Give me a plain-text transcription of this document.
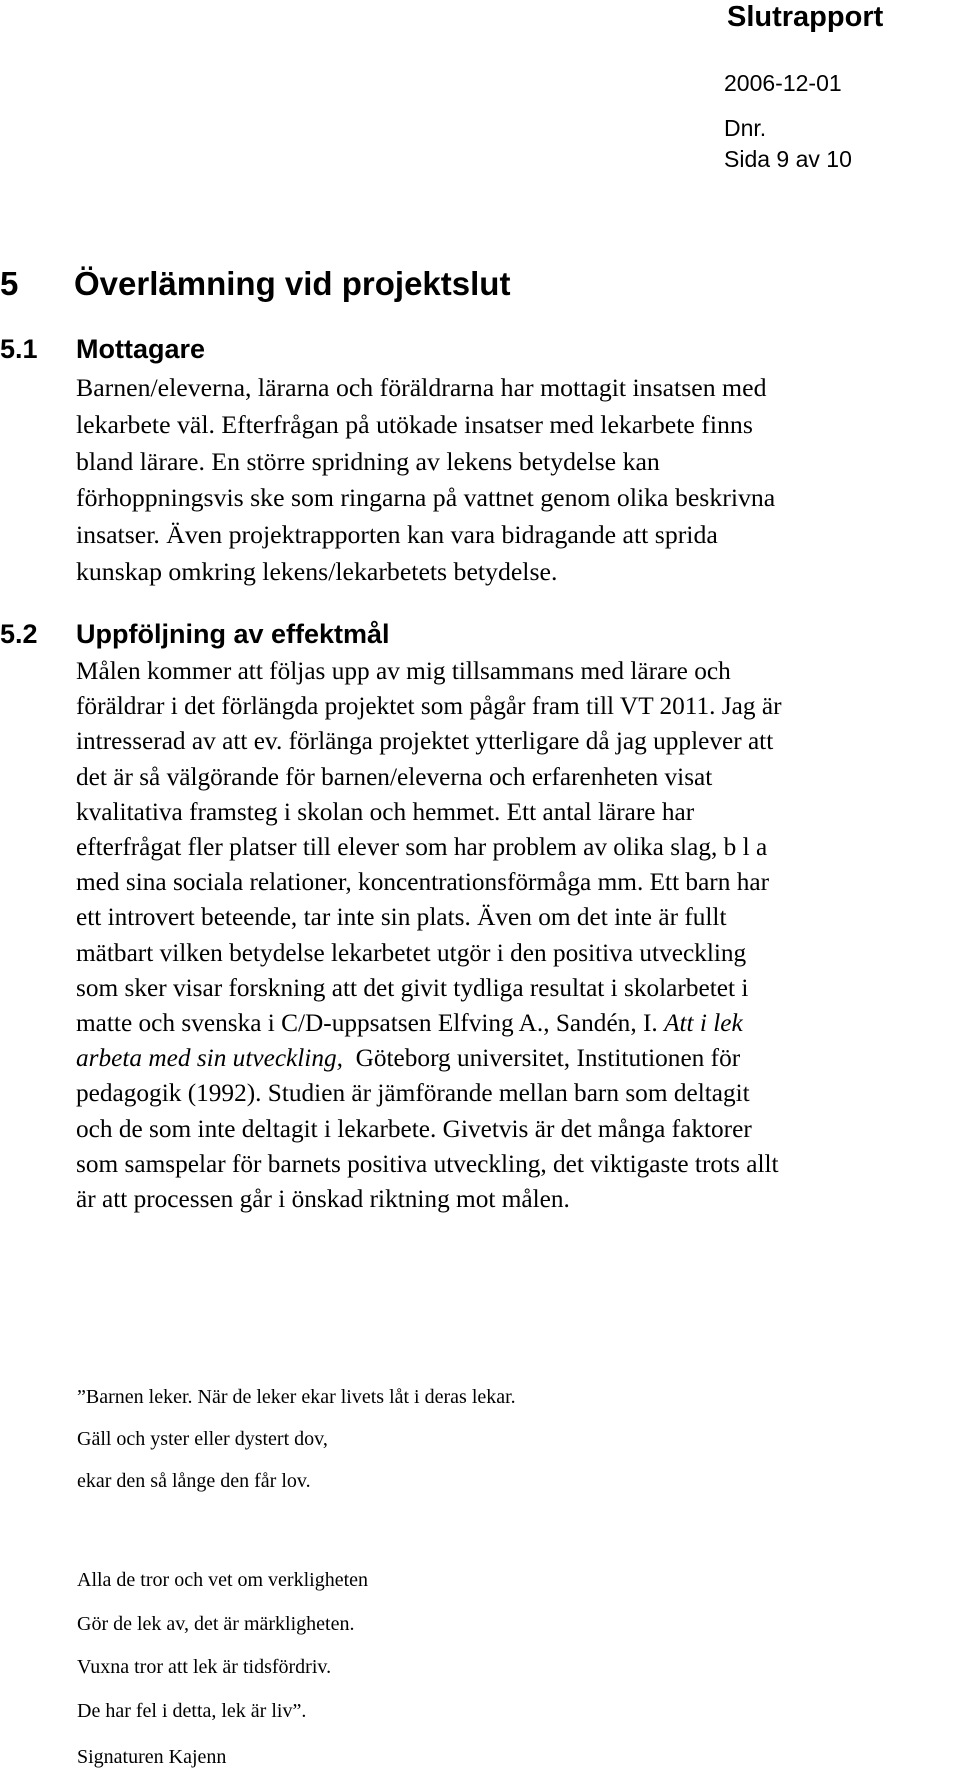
Slutrapport
2006-12-01
Dnr.
Sida 9 av 10
5 Överlämning vid projektslut
5.1 Mottagare
Barnen/eleverna, lärarna och föräldrarna har mottagit insatsen med
lekarbete väl. Efterfrågan på utökade insatser med lekarbete finns
bland lärare. En större spridning av lekens betydelse kan
förhoppningsvis ske som ringarna på vattnet genom olika beskrivna
insatser. Även projektrapporten kan vara bidragande att sprida
kunskap omkring lekens/lekarbetets betydelse.
5.2 Uppföljning av effektmål
Målen kommer att följas upp av mig tillsammans med lärare och
föräldrar i det förlängda projektet som pågår fram till VT 2011. Jag är
intresserad av att ev. förlänga projektet ytterligare då jag upplever att
det är så välgörande för barnen/eleverna och erfarenheten visat
kvalitativa framsteg i skolan och hemmet. Ett antal lärare har
efterfrågat fler platser till elever som har problem av olika slag, b l a
med sina sociala relationer, koncentrationsförmåga mm. Ett barn har
ett introvert beteende, tar inte sin plats. Även om det inte är fullt
mätbart vilken betydelse lekarbetet utgör i den positiva utveckling
som sker visar forskning att det givit tydliga resultat i skolarbetet i
matte och svenska i C/D-uppsatsen Elfving A., Sandén, I. Att i lek
arbeta med sin utveckling,  Göteborg universitet, Institutionen för
pedagogik (1992). Studien är jämförande mellan barn som deltagit
och de som inte deltagit i lekarbete. Givetvis är det många faktorer
som samspelar för barnets positiva utveckling, det viktigaste trots allt
är att processen går i önskad riktning mot målen.
”Barnen leker. När de leker ekar livets låt i deras lekar.
Gäll och yster eller dystert dov,
ekar den så långe den får lov.
Alla de tror och vet om verkligheten
Gör de lek av, det är märkligheten.
Vuxna tror att lek är tidsfördriv.
De har fel i detta, lek är liv”.
Signaturen Kajenn
